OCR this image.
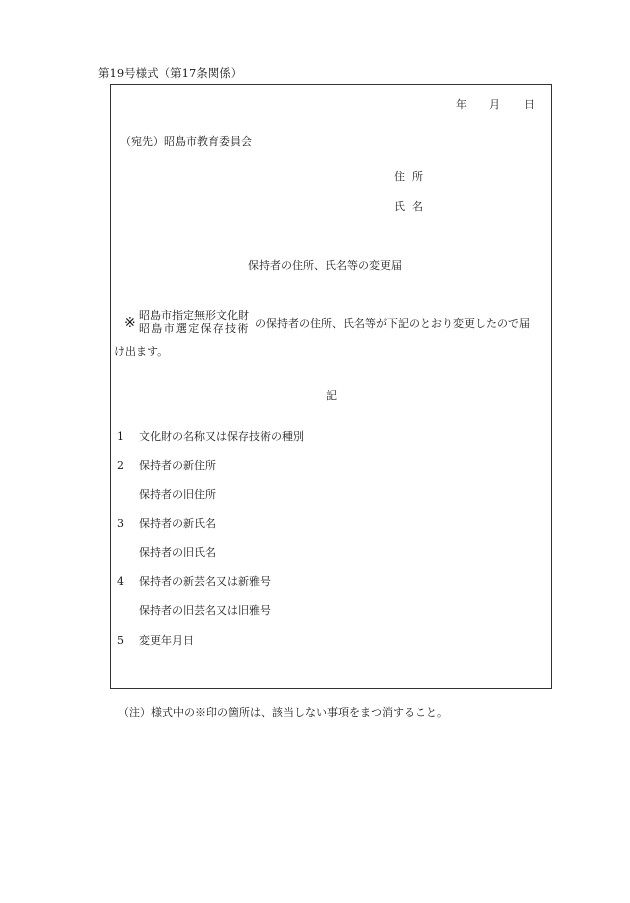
第19号様式（第17条関係）
年 月 日
（宛先）昭島市教育委員会
住所
氏名
保持者の住所、氏名等の変更届
※ 昭島市指定無形文化財
昭島市選定保存技術 の保持者の住所、氏名等が下記のとおり変更したので届
け出ます。
記
1 文化財の名称又は保存技術の種別
2 保持者の新住所
保持者の旧住所
3 保持者の新氏名
保持者の旧氏名
4 保持者の新芸名又は新雅号
保持者の旧芸名又は旧雅号
5 変更年月日
（注）様式中の※印の箇所は、該当しない事項をまつ消すること。
